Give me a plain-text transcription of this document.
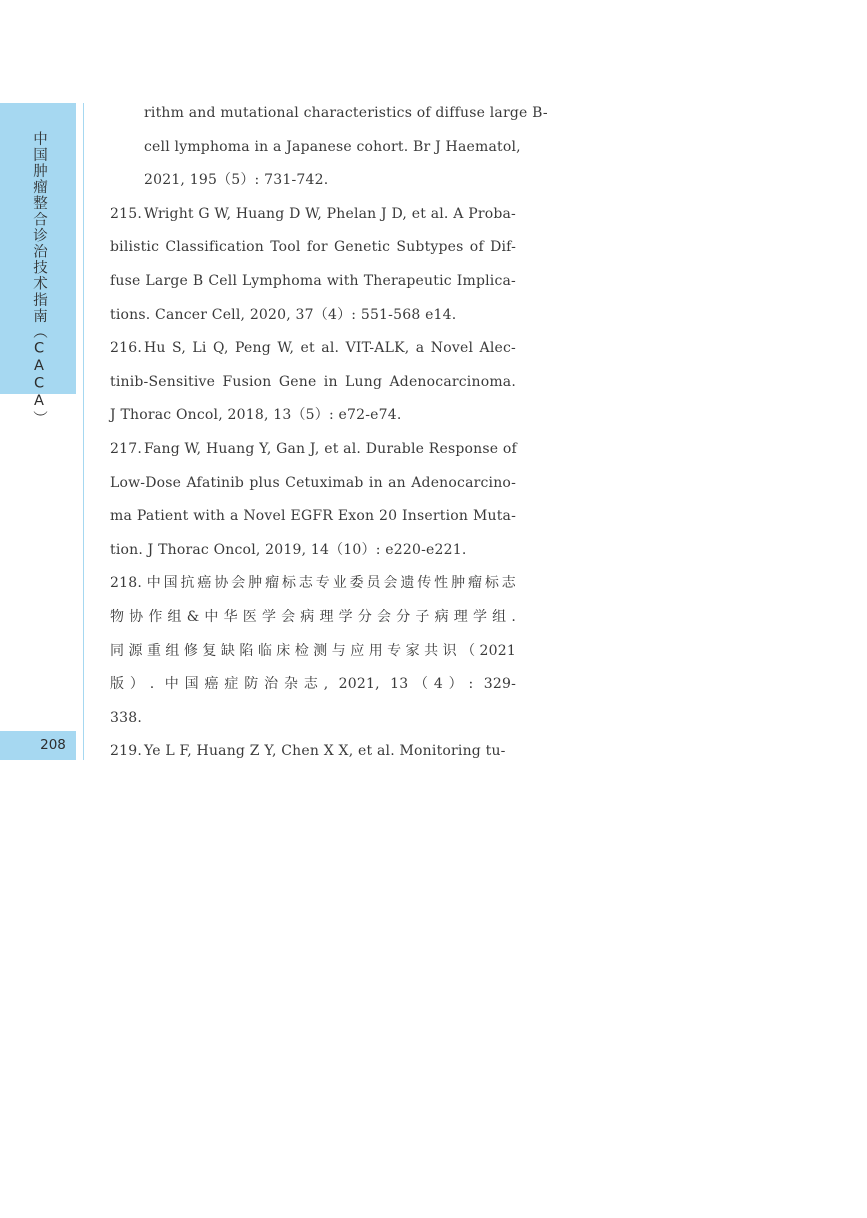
中国肿瘤整合诊治技术指南（CACA）
208
rithm and mutational characteristics of diffuse large B-
cell lymphoma in a Japanese cohort. Br J Haematol,
2021, 195（5）: 731-742.
215. Wright G W, Huang D W, Phelan J D, et al. A Proba-
bilistic Classification Tool for Genetic Subtypes of Dif-
fuse Large B Cell Lymphoma with Therapeutic Implica-
tions. Cancer Cell, 2020, 37（4）: 551-568 e14.
216. Hu S, Li Q, Peng W, et al. VIT-ALK, a Novel Alec-
tinib-Sensitive Fusion Gene in Lung Adenocarcinoma.
J Thorac Oncol, 2018, 13（5）: e72-e74.
217. Fang W, Huang Y, Gan J, et al. Durable Response of
Low-Dose Afatinib plus Cetuximab in an Adenocarcino-
ma Patient with a Novel EGFR Exon 20 Insertion Muta-
tion. J Thorac Oncol, 2019, 14（10）: e220-e221.
218. 中国抗癌协会肿瘤标志专业委员会遗传性肿瘤标志
物协作组&中华医学会病理学分会分子病理学组.
同源重组修复缺陷临床检测与应用专家共识（2021
版）. 中国癌症防治杂志, 2021, 13（4）: 329-
338.
219. Ye L F, Huang Z Y, Chen X X, et al. Monitoring tu-
